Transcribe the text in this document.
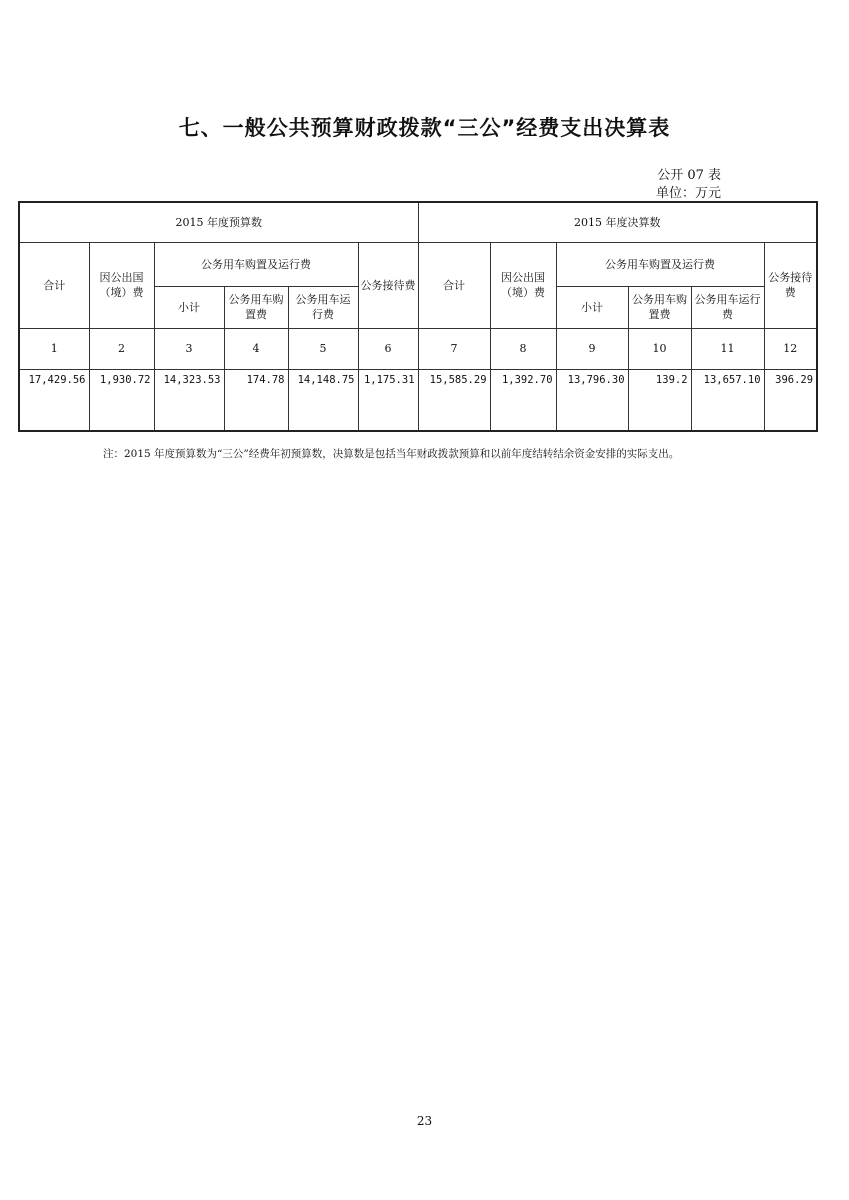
七、一般公共预算财政拨款“三公”经费支出决算表
公开 07 表
单位：万元
2015 年度预算数						2015 年度决算数					
合计	因公出国（境）费	公务用车购置及运行费			公务接待费	合计	因公出国（境）费	公务用车购置及运行费			公务接待费
		小计	公务用车购置费	公务用车运行费				小计	公务用车购置费	公务用车运行费	
1	2	3	4	5	6	7	8	9	10	11	12
17,429.56	1,930.72	14,323.53	174.78	14,148.75	1,175.31	15,585.29	1,392.70	13,796.30	139.2	13,657.10	396.29
注：2015 年度预算数为“三公”经费年初预算数，决算数是包括当年财政拨款预算和以前年度结转结余资金安排的实际支出。
23
